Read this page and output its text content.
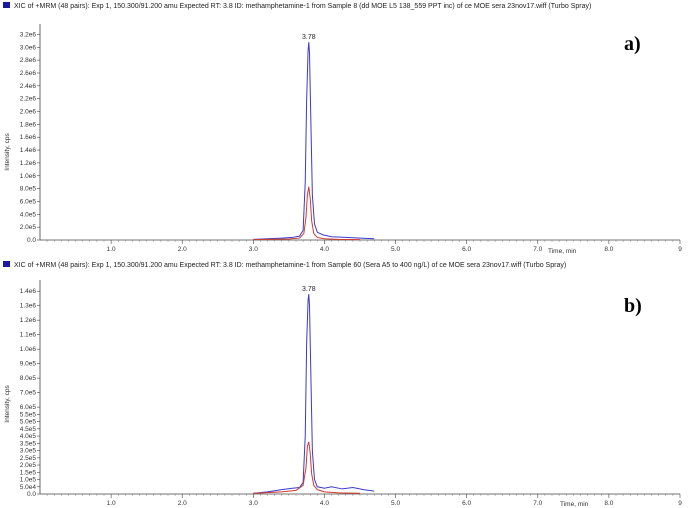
XIC of +MRM (48 pairs): Exp 1, 150.300/91.200 amu Expected RT: 3.8 ID: methamphetamine-1 from Sample 8 (dd MOE L5 138_559 PPT inc) of ce MOE sera 23nov17.wiff (Turbo Spray)
a)
Intensity, cps
Time, min
3.78
0.0
2.0e5
4.0e5
6.0e5
8.0e5
1.0e6
1.2e6
1.4e6
1.6e6
1.8e6
2.0e6
2.2e6
2.4e6
2.6e6
2.8e6
3.0e6
3.2e6
1.0	2.0	3.0	4.0	5.0	6.0	7.0	8.0	9
XIC of +MRM (48 pairs): Exp 1, 150.300/91.200 amu Expected RT: 3.8 ID: methamphetamine-1 from Sample 60 (Sera A5 to 400 ng/L) of ce MOE sera 23nov17.wiff (Turbo Spray)
b)
Intensity, cps
Time, min
3.78
0.0
5.0e4
1.0e5
1.5e5
2.0e5
2.5e5
3.0e5
3.5e5
4.0e5
4.5e5
5.0e5
5.5e5
6.0e5
7.0e5
8.0e5
9.0e5
1.0e6
1.1e6
1.2e6
1.3e6
1.4e6
1.0	2.0	3.0	4.0	5.0	6.0	7.0	8.0	9
